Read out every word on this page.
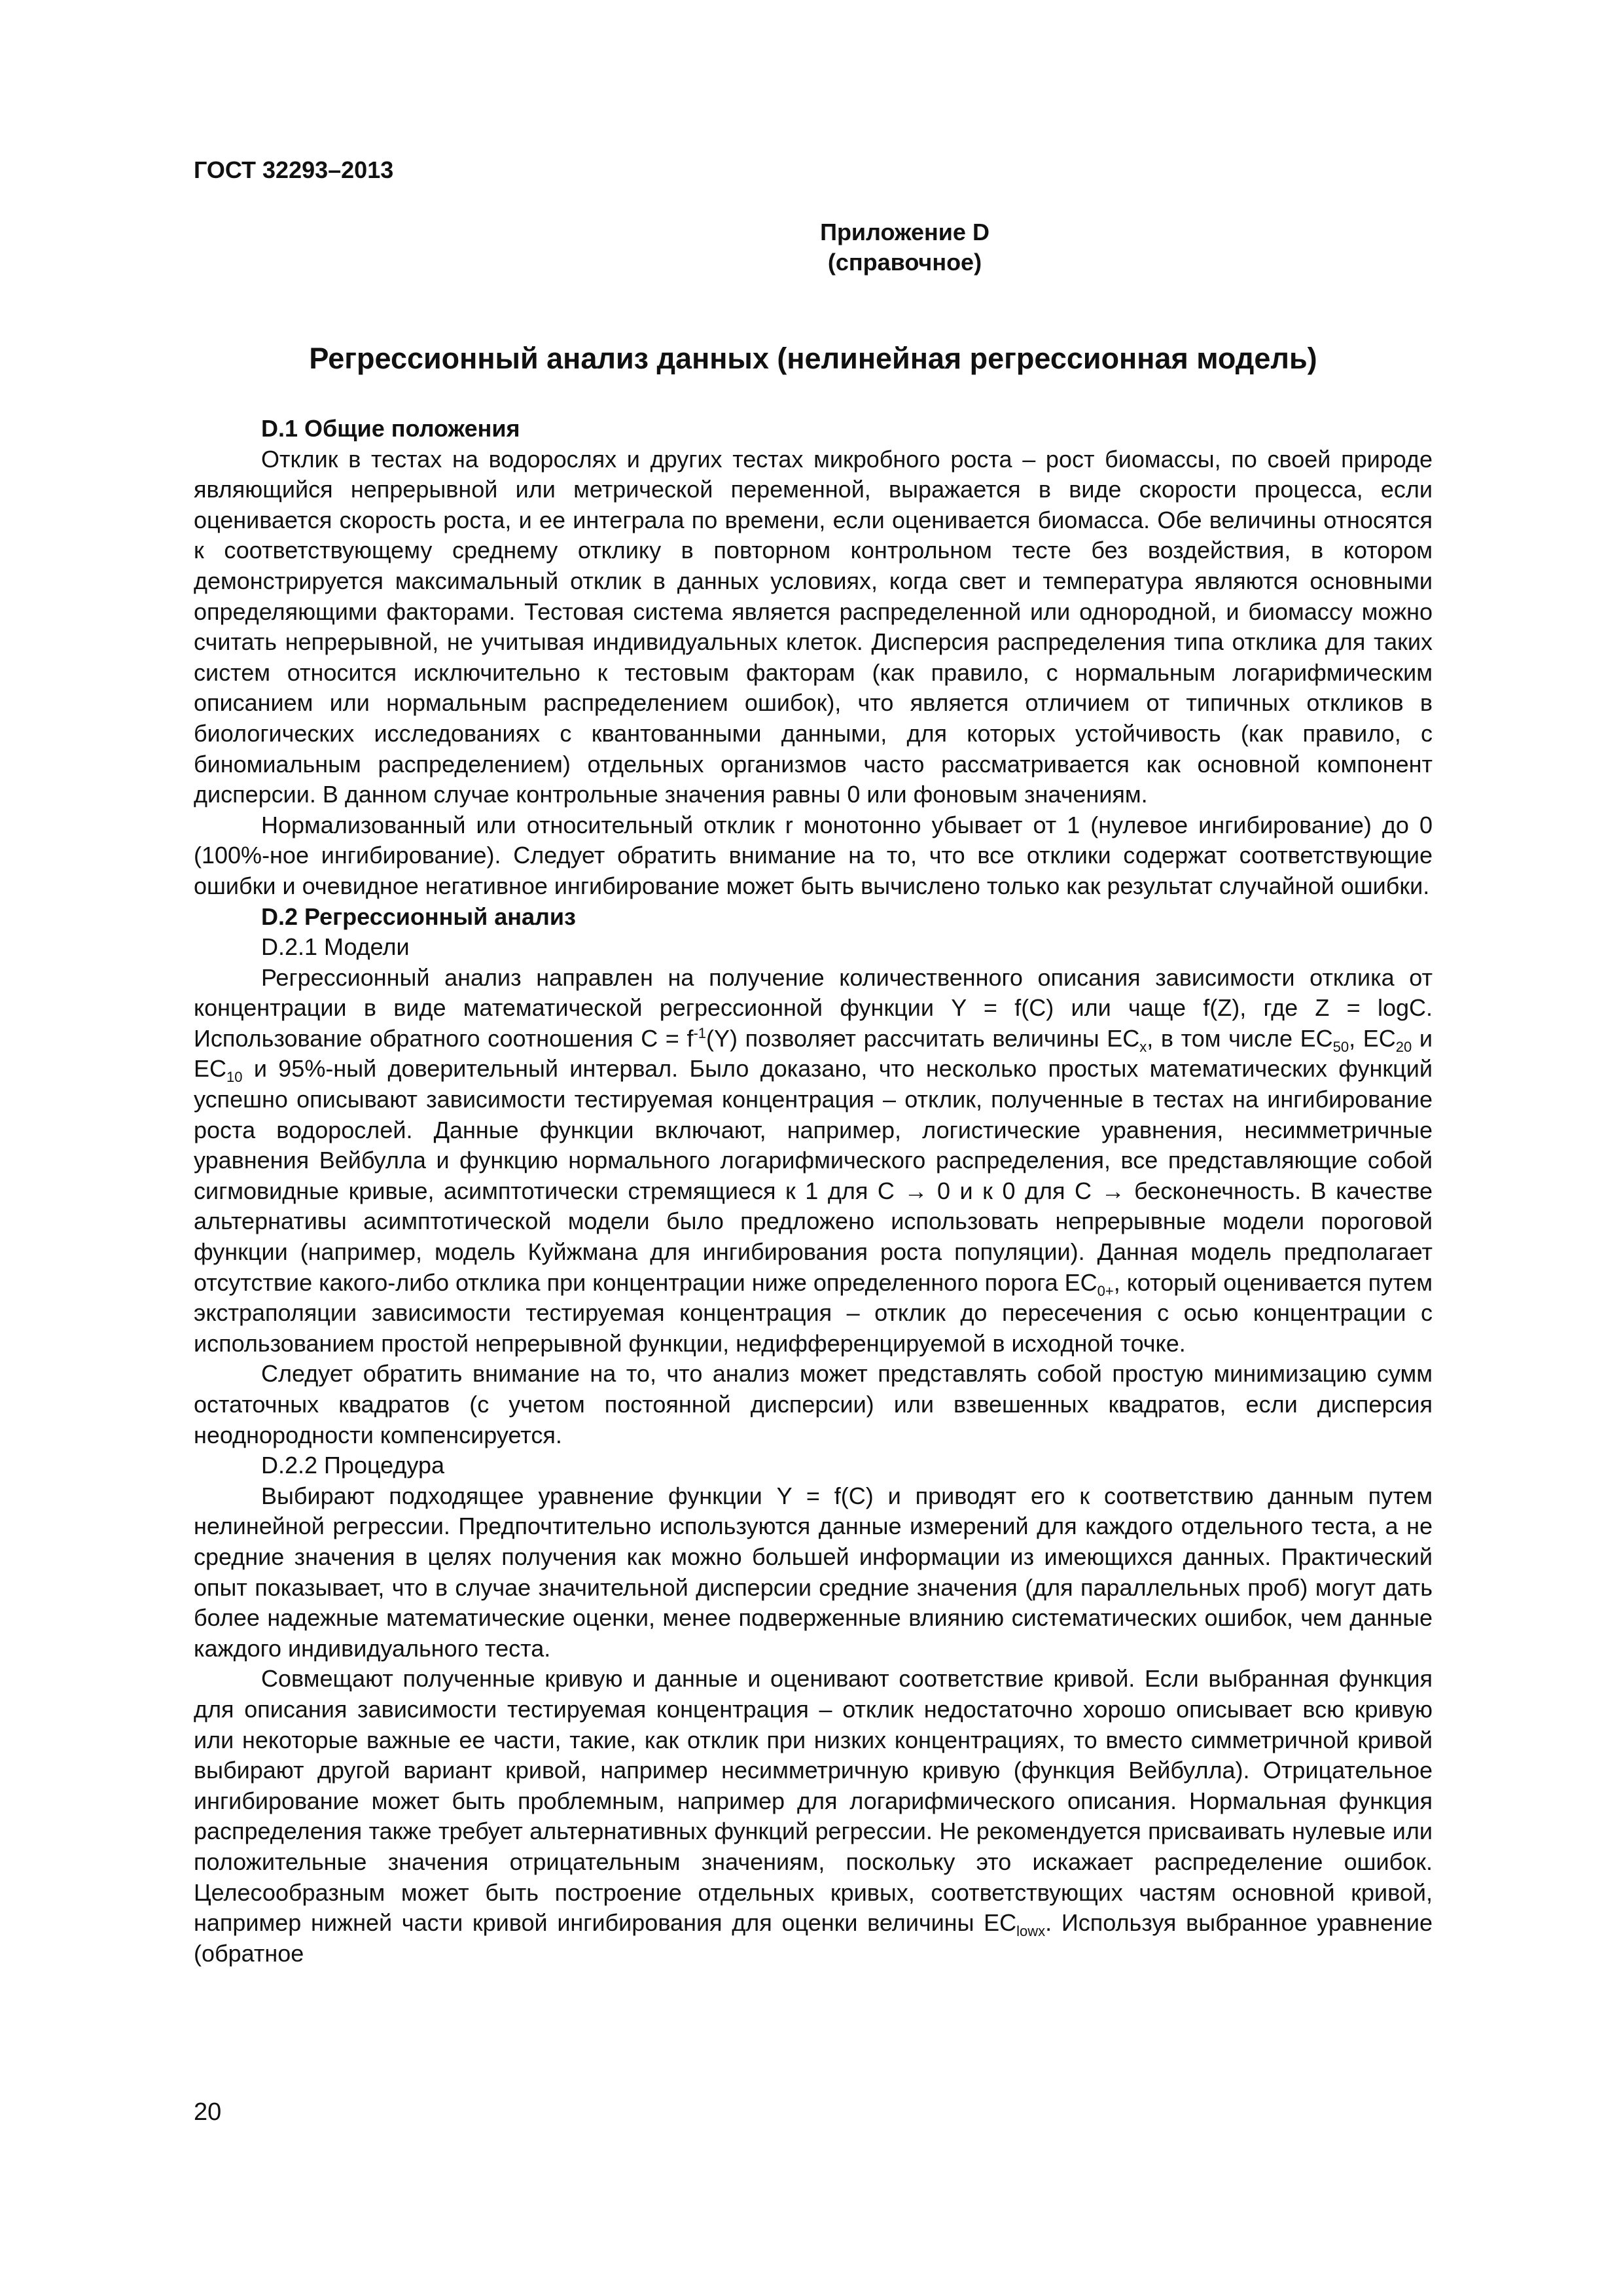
ГОСТ 32293–2013
Приложение D
(справочное)
Регрессионный анализ данных (нелинейная регрессионная модель)

D.1 Общие положения

Отклик в тестах на водорослях и других тестах микробного роста – рост биомассы, по своей природе являющийся непрерывной или метрической переменной, выражается в виде скорости процесса, если оценивается скорость роста, и ее интеграла по времени, если оценивается биомасса. Обе величины относятся к соответствующему среднему отклику в повторном контрольном тесте без воздействия, в котором демонстрируется максимальный отклик в данных условиях, когда свет и температура являются основными определяющими факторами. Тестовая система является распределенной или однородной, и биомассу можно считать непрерывной, не учитывая индивидуальных клеток. Дисперсия распределения типа отклика для таких систем относится исключительно к тестовым факторам (как правило, с нормальным логарифмическим описанием или нормальным распределением ошибок), что является отличием от типичных откликов в биологических исследованиях с квантованными данными, для которых устойчивость (как правило, с биномиальным распределением) отдельных организмов часто рассматривается как основной компонент дисперсии. В данном случае контрольные значения равны 0 или фоновым значениям.

Нормализованный или относительный отклик r монотонно убывает от 1 (нулевое ингибирование) до 0 (100%-ное ингибирование). Следует обратить внимание на то, что все отклики содержат соответствующие ошибки и очевидное негативное ингибирование может быть вычислено только как результат случайной ошибки.

D.2 Регрессионный анализ

D.2.1 Модели

Регрессионный анализ направлен на получение количественного описания зависимости отклика от концентрации в виде математической регрессионной функции Y = f(C) или чаще f(Z), где Z = logC. Использование обратного соотношения $C = f^{-1}(Y)$ позволяет рассчитать величины $EC_x$, в том числе $EC_{50}$, $EC_{20}$ и $EC_{10}$ и 95%-ный доверительный интервал. Было доказано, что несколько простых математических функций успешно описывают зависимости тестируемая концентрация – отклик, полученные в тестах на ингибирование роста водорослей. Данные функции включают, например, логистические уравнения, несимметричные уравнения Вейбулла и функцию нормального логарифмического распределения, все представляющие собой сигмовидные кривые, асимптотически стремящиеся к 1 для C → 0 и к 0 для C → бесконечность. В качестве альтернативы асимптотической модели было предложено использовать непрерывные модели пороговой функции (например, модель Куйжмана для ингибирования роста популяции). Данная модель предполагает отсутствие какого-либо отклика при концентрации ниже определенного порога $EC_{0+}$, который оценивается путем экстраполяции зависимости тестируемая концентрация – отклик до пересечения с осью концентрации с использованием простой непрерывной функции, недифференцируемой в исходной точке.

Следует обратить внимание на то, что анализ может представлять собой простую минимизацию сумм остаточных квадратов (с учетом постоянной дисперсии) или взвешенных квадратов, если дисперсия неоднородности компенсируется.

D.2.2 Процедура

Выбирают подходящее уравнение функции Y = f(C) и приводят его к соответствию данным путем нелинейной регрессии. Предпочтительно используются данные измерений для каждого отдельного теста, а не средние значения в целях получения как можно большей информации из имеющихся данных. Практический опыт показывает, что в случае значительной дисперсии средние значения (для параллельных проб) могут дать более надежные математические оценки, менее подверженные влиянию систематических ошибок, чем данные каждого индивидуального теста.

Совмещают полученные кривую и данные и оценивают соответствие кривой. Если выбранная функция для описания зависимости тестируемая концентрация – отклик недостаточно хорошо описывает всю кривую или некоторые важные ее части, такие, как отклик при низких концентрациях, то вместо симметричной кривой выбирают другой вариант кривой, например несимметричную кривую (функция Вейбулла). Отрицательное ингибирование может быть проблемным, например для логарифмического описания. Нормальная функция распределения также требует альтернативных функций регрессии. Не рекомендуется присваивать нулевые или положительные значения отрицательным значениям, поскольку это искажает распределение ошибок. Целесообразным может быть построение отдельных кривых, соответствующих частям основной кривой, например нижней части кривой ингибирования для оценки величины $EC_{lowx}$. Используя выбранное уравнение (обратное

20
